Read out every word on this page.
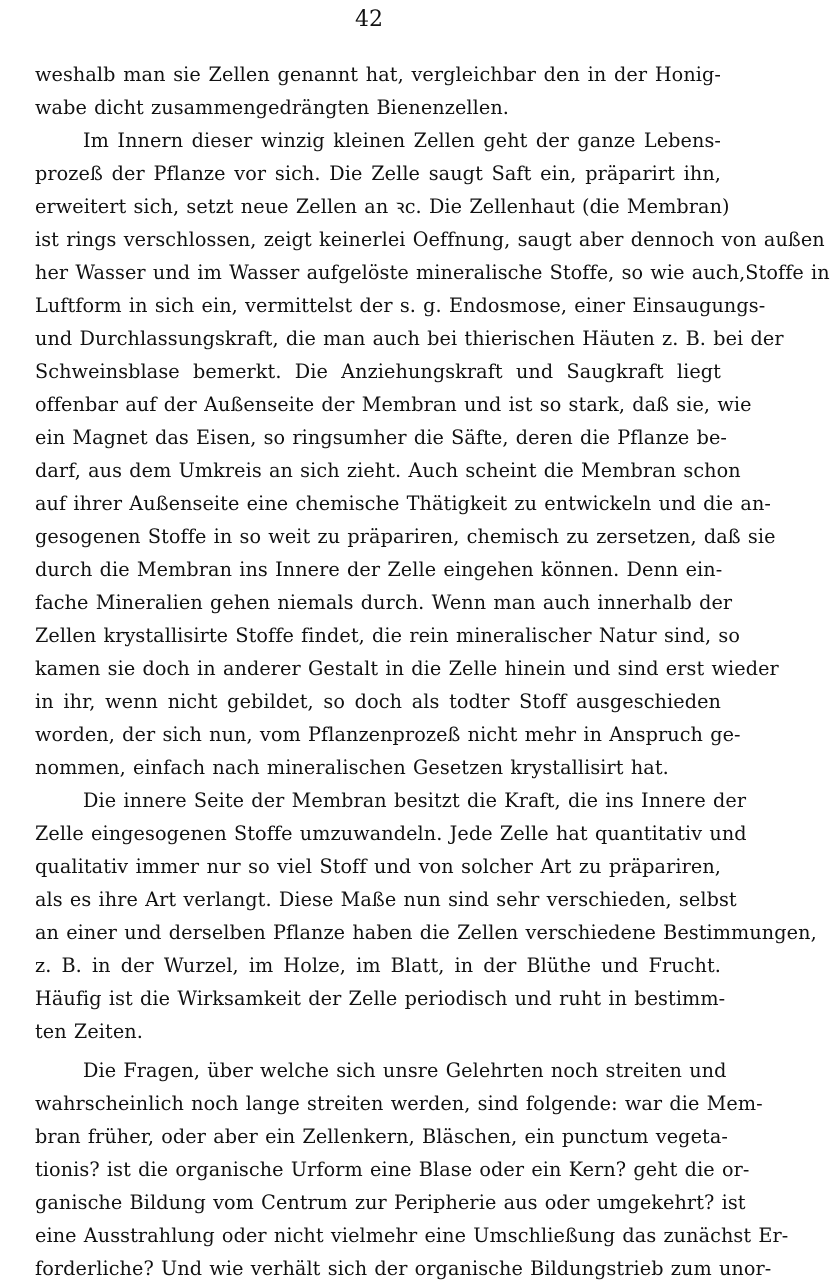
42
weshalb man sie Zellen genannt hat, vergleichbar den in der Honig-
wabe dicht zusammengedrängten Bienenzellen.
Im Innern dieser winzig kleinen Zellen geht der ganze Lebens-
prozeß der Pflanze vor sich. Die Zelle saugt Saft ein, präparirt ihn,
erweitert sich, setzt neue Zellen an ꝛc. Die Zellenhaut (die Membran)
ist rings verschlossen, zeigt keinerlei Oeffnung, saugt aber dennoch von außen
her Wasser und im Wasser aufgelöste mineralische Stoffe, so wie auch,Stoffe in
Luftform in sich ein, vermittelst der s. g. Endosmose, einer Einsaugungs-
und Durchlassungskraft, die man auch bei thierischen Häuten z. B. bei der
Schweinsblase bemerkt. Die Anziehungskraft und Saugkraft liegt
offenbar auf der Außenseite der Membran und ist so stark, daß sie, wie
ein Magnet das Eisen, so ringsumher die Säfte, deren die Pflanze be-
darf, aus dem Umkreis an sich zieht. Auch scheint die Membran schon
auf ihrer Außenseite eine chemische Thätigkeit zu entwickeln und die an-
gesogenen Stoffe in so weit zu präpariren, chemisch zu zersetzen, daß sie
durch die Membran ins Innere der Zelle eingehen können. Denn ein-
fache Mineralien gehen niemals durch. Wenn man auch innerhalb der
Zellen krystallisirte Stoffe findet, die rein mineralischer Natur sind, so
kamen sie doch in anderer Gestalt in die Zelle hinein und sind erst wieder
in ihr, wenn nicht gebildet, so doch als todter Stoff ausgeschieden
worden, der sich nun, vom Pflanzenprozeß nicht mehr in Anspruch ge-
nommen, einfach nach mineralischen Gesetzen krystallisirt hat.
Die innere Seite der Membran besitzt die Kraft, die ins Innere der
Zelle eingesogenen Stoffe umzuwandeln. Jede Zelle hat quantitativ und
qualitativ immer nur so viel Stoff und von solcher Art zu präpariren,
als es ihre Art verlangt. Diese Maße nun sind sehr verschieden, selbst
an einer und derselben Pflanze haben die Zellen verschiedene Bestimmungen,
z. B. in der Wurzel, im Holze, im Blatt, in der Blüthe und Frucht.
Häufig ist die Wirksamkeit der Zelle periodisch und ruht in bestimm-
ten Zeiten.
Die Fragen, über welche sich unsre Gelehrten noch streiten und
wahrscheinlich noch lange streiten werden, sind folgende: war die Mem-
bran früher, oder aber ein Zellenkern, Bläschen, ein punctum vegeta-
tionis? ist die organische Urform eine Blase oder ein Kern? geht die or-
ganische Bildung vom Centrum zur Peripherie aus oder umgekehrt? ist
eine Ausstrahlung oder nicht vielmehr eine Umschließung das zunächst Er-
forderliche? Und wie verhält sich der organische Bildungstrieb zum unor-
